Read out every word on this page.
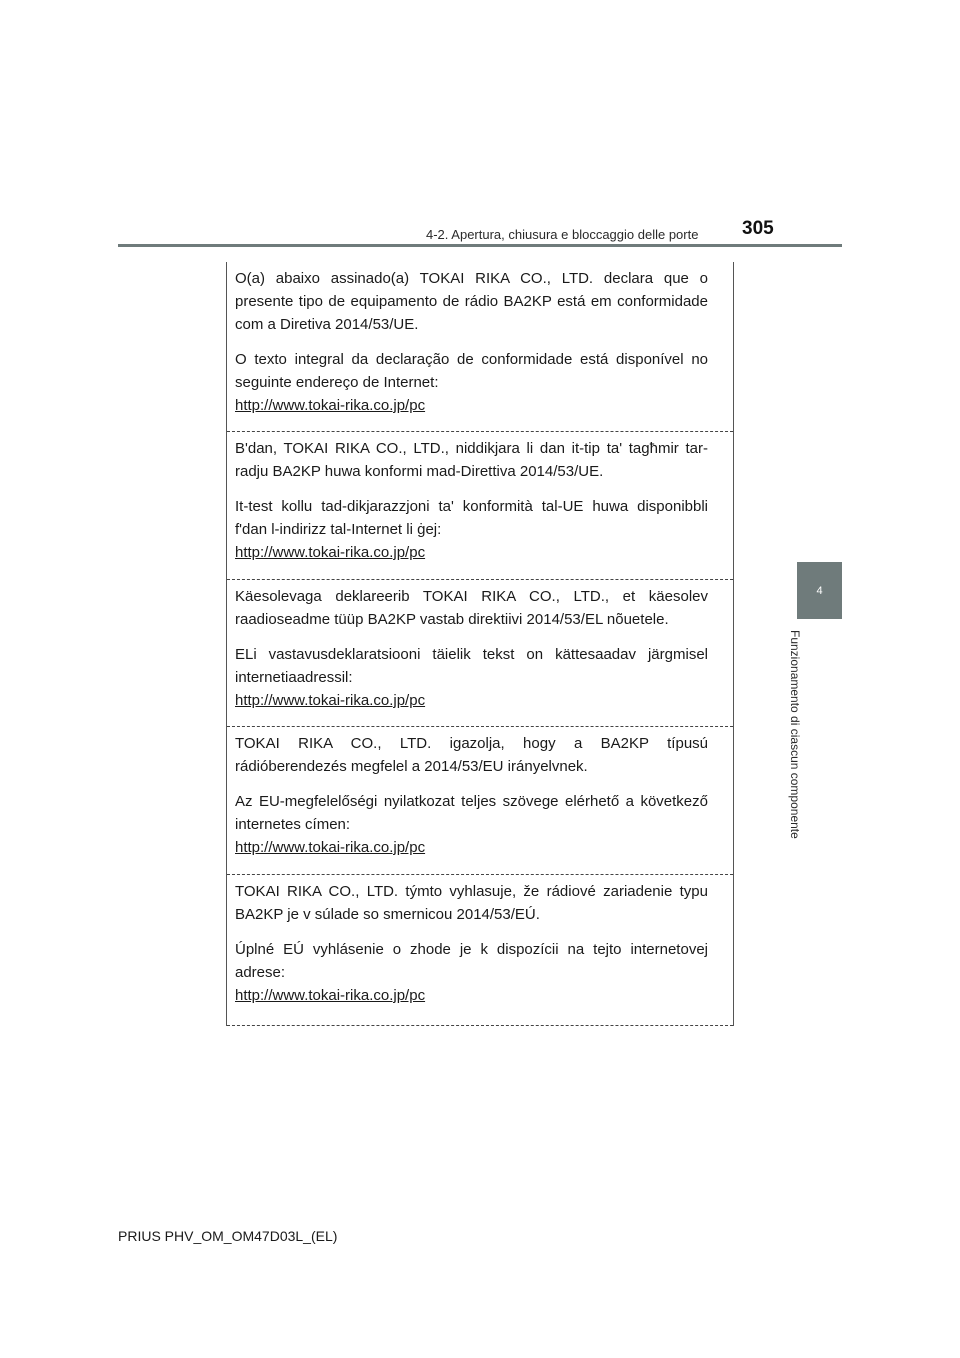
4-2. Apertura, chiusura e bloccaggio delle porte 305
4
Funzionamento di ciascun componente

O(a) abaixo assinado(a) TOKAI RIKA CO., LTD. declara que o presente tipo de equipamento de rádio BA2KP está em conformidade com a Diretiva 2014/53/UE.

O texto integral da declaração de conformidade está disponível no seguinte endereço de Internet:

http://www.tokai-rika.co.jp/pc

B'dan, TOKAI RIKA CO., LTD., niddikjara li dan it-tip ta' tagħmir tar-radju BA2KP huwa konformi mad-Direttiva 2014/53/UE.

It-test kollu tad-dikjarazzjoni ta' konformità tal-UE huwa disponibbli f'dan l-indirizz tal-Internet li ġej:

http://www.tokai-rika.co.jp/pc

Käesolevaga deklareerib TOKAI RIKA CO., LTD., et käesolev raadioseadme tüüp BA2KP vastab direktiivi 2014/53/EL nõuetele.

ELi vastavusdeklaratsiooni täielik tekst on kättesaadav järgmisel internetiaadressil:

http://www.tokai-rika.co.jp/pc

TOKAI RIKA CO., LTD. igazolja, hogy a BA2KP típusú rádióberendezés megfelel a 2014/53/EU irányelvnek.

Az EU-megfelelőségi nyilatkozat teljes szövege elérhető a következő internetes címen:

http://www.tokai-rika.co.jp/pc

TOKAI RIKA CO., LTD. týmto vyhlasuje, že rádiové zariadenie typu BA2KP je v súlade so smernicou 2014/53/EÚ.

Úplné EÚ vyhlásenie o zhode je k dispozícii na tejto internetovej adrese:

http://www.tokai-rika.co.jp/pc
PRIUS PHV_OM_OM47D03L_(EL)
